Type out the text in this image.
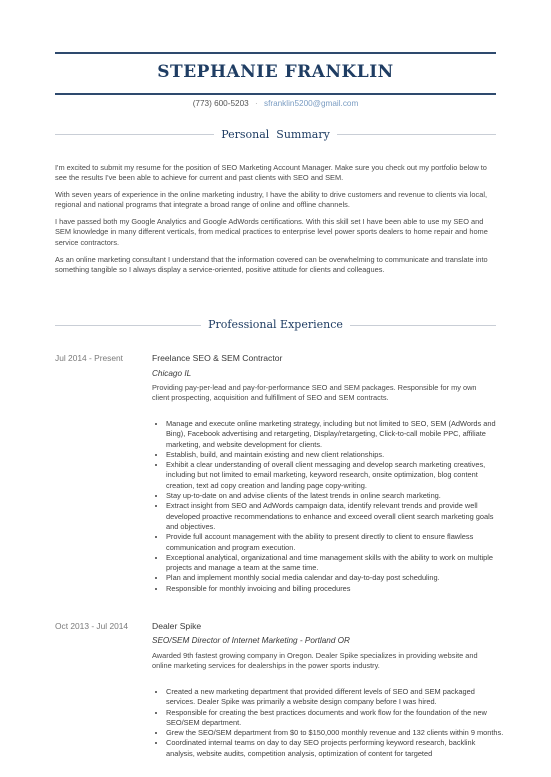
STEPHANIE FRANKLIN
(773) 600-5203 · sfranklin5200@gmail.com
Personal  Summary
I'm excited to submit my resume for the position of SEO Marketing Account Manager. Make sure you check out my portfolio below to see the results I've been able to achieve for current and past clients with SEO and SEM.
With seven years of experience in the online marketing industry, I have the ability to drive customers and revenue to clients via local, regional and national programs that integrate a broad range of online and offline channels.
I have passed both my Google Analytics and Google AdWords certifications. With this skill set I have been able to use my SEO and SEM knowledge in many different verticals, from medical practices to enterprise level power sports dealers to home repair and home service contractors.
As an online marketing consultant I understand that the information covered can be overwhelming to communicate and translate into something tangible so I always display a service-oriented, positive attitude for clients and colleagues.
Professional Experience
Jul 2014 - Present	Freelance SEO & SEM Contractor
Chicago IL
Providing pay-per-lead and pay-for-performance SEO and SEM packages. Responsible for my own client prospecting, acquisition and fulfillment of SEO and SEM contracts.
• Manage and execute online marketing strategy, including but not limited to SEO, SEM (AdWords and Bing), Facebook advertising and retargeting, Display/retargeting, Click-to-call mobile PPC, affiliate marketing, and website development for clients.
• Establish, build, and maintain existing and new client relationships.
• Exhibit a clear understanding of overall client messaging and develop search marketing creatives, including but not limited to email marketing, keyword research, onsite optimization, blog content creation, text ad copy creation and landing page copy-writing.
• Stay up-to-date on and advise clients of the latest trends in online search marketing.
• Extract insight from SEO and AdWords campaign data, identify relevant trends and provide well developed proactive recommendations to enhance and exceed overall client search marketing goals and objectives.
• Provide full account management with the ability to present directly to client to ensure flawless communication and program execution.
• Exceptional analytical, organizational and time management skills with the ability to work on multiple projects and manage a team at the same time.
• Plan and implement monthly social media calendar and day-to-day post scheduling.
• Responsible for monthly invoicing and billing procedures
Oct 2013 - Jul 2014	Dealer Spike
SEO/SEM Director of Internet Marketing - Portland OR
Awarded 9th fastest growing company in Oregon. Dealer Spike specializes in providing website and online marketing services for dealerships in the power sports industry.
• Created a new marketing department that provided different levels of SEO and SEM packaged services. Dealer Spike was primarily a website design company before I was hired.
• Responsible for creating the best practices documents and work flow for the foundation of the new SEO/SEM department.
• Grew the SEO/SEM department from $0 to $150,000 monthly revenue and 132 clients within 9 months.
• Coordinated internal teams on day to day SEO projects performing keyword research, backlink analysis, website audits, competition analysis, optimization of content for targeted
